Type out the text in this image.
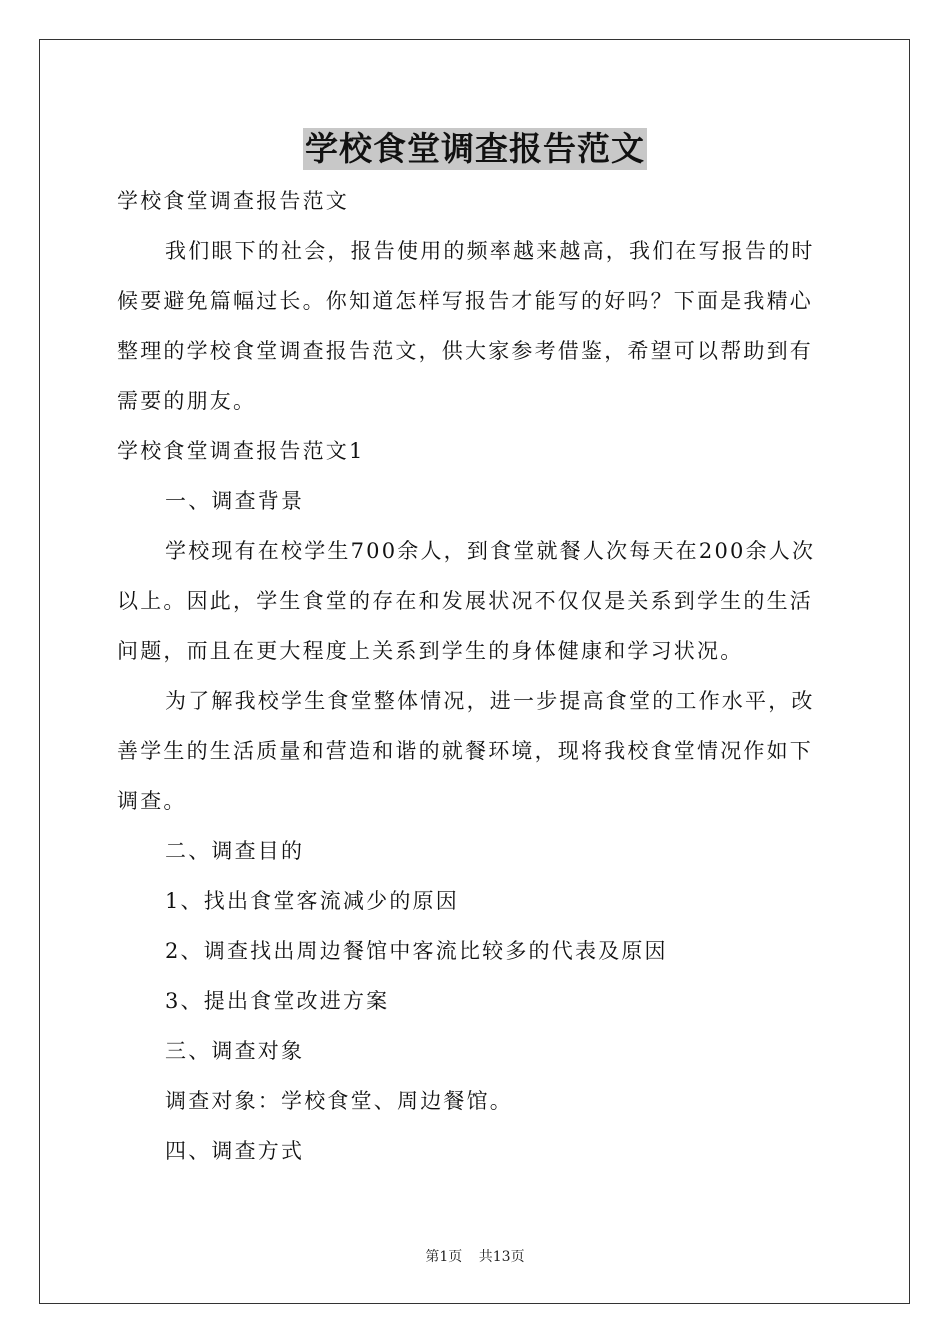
学校食堂调查报告范文

学校食堂调查报告范文

我们眼下的社会，报告使用的频率越来越高，我们在写报告的时候要避免篇幅过长。你知道怎样写报告才能写的好吗？下面是我精心整理的学校食堂调查报告范文，供大家参考借鉴，希望可以帮助到有需要的朋友。

学校食堂调查报告范文1

一、调查背景

学校现有在校学生700余人，到食堂就餐人次每天在200余人次以上。因此，学生食堂的存在和发展状况不仅仅是关系到学生的生活问题，而且在更大程度上关系到学生的身体健康和学习状况。

为了解我校学生食堂整体情况，进一步提高食堂的工作水平，改善学生的生活质量和营造和谐的就餐环境，现将我校食堂情况作如下调查。

二、调查目的

1、找出食堂客流减少的原因

2、调查找出周边餐馆中客流比较多的代表及原因

3、提出食堂改进方案

三、调查对象

调查对象：学校食堂、周边餐馆。

四、调查方式

第1页 共13页
